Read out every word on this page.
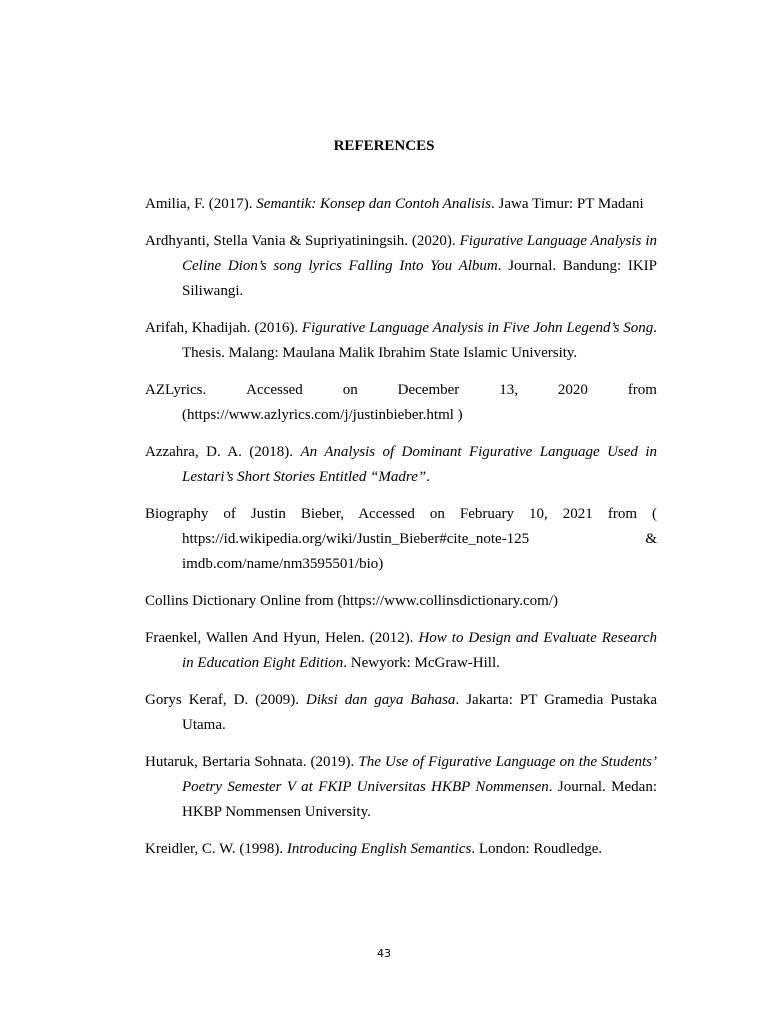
REFERENCES

Amilia, F. (2017). Semantik: Konsep dan Contoh Analisis. Jawa Timur: PT Madani

Ardhyanti, Stella Vania & Supriyatiningsih. (2020). Figurative Language Analysis in Celine Dion’s song lyrics Falling Into You Album. Journal. Bandung: IKIP Siliwangi.

Arifah, Khadijah. (2016). Figurative Language Analysis in Five John Legend’s Song. Thesis. Malang: Maulana Malik Ibrahim State Islamic University.

AZLyrics.	Accessed	on	December	13,	2020	from
(https://www.azlyrics.com/j/justinbieber.html )

Azzahra, D. A. (2018). An Analysis of Dominant Figurative Language Used in Lestari’s Short Stories Entitled “Madre”.

Biography of Justin Bieber, Accessed on February 10, 2021 from (
https://id.wikipedia.org/wiki/Justin_Bieber#cite_note-125	&
imdb.com/name/nm3595501/bio)

Collins Dictionary Online from (https://www.collinsdictionary.com/)

Fraenkel, Wallen And Hyun, Helen. (2012). How to Design and Evaluate Research in Education Eight Edition. Newyork: McGraw-Hill.

Gorys Keraf, D. (2009). Diksi dan gaya Bahasa. Jakarta: PT Gramedia Pustaka Utama.

Hutaruk, Bertaria Sohnata. (2019). The Use of Figurative Language on the Students’ Poetry Semester V at FKIP Universitas HKBP Nommensen. Journal. Medan: HKBP Nommensen University.

Kreidler, C. W. (1998). Introducing English Semantics. London: Roudledge.

43
